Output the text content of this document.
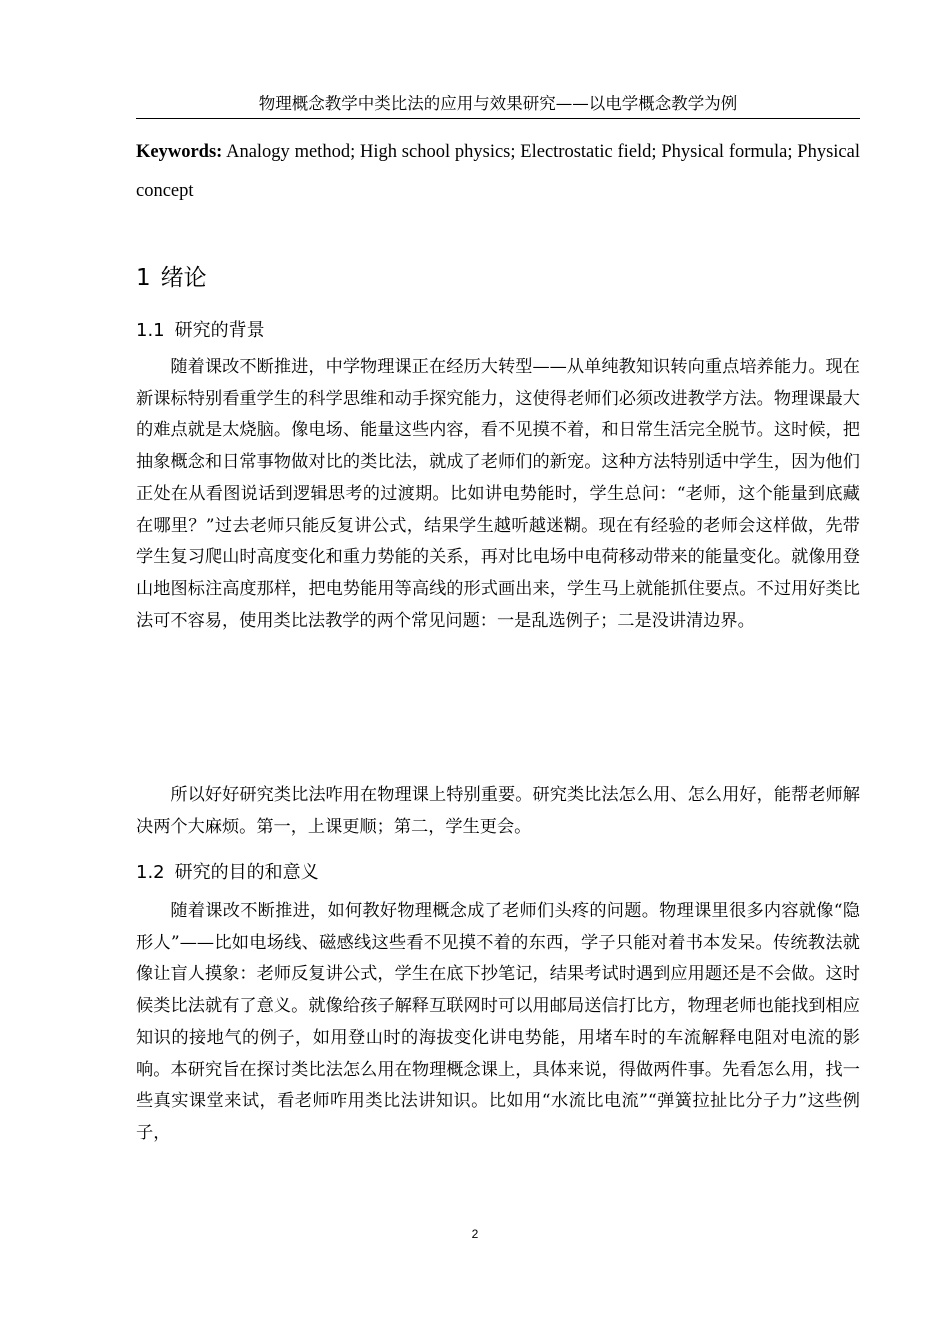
物理概念教学中类比法的应用与效果研究——以电学概念教学为例
Keywords: Analogy method; High school physics; Electrostatic field; Physical formula; Physical concept
1 绪论
1.1 研究的背景

随着课改不断推进，中学物理课正在经历大转型——从单纯教知识转向重点培养能力。现在新课标特别看重学生的科学思维和动手探究能力，这使得老师们必须改进教学方法。物理课最大的难点就是太烧脑。像电场、能量这些内容，看不见摸不着，和日常生活完全脱节。这时候，把抽象概念和日常事物做对比的类比法，就成了老师们的新宠。这种方法特别适中学生，因为他们正处在从看图说话到逻辑思考的过渡期。比如讲电势能时，学生总问：“老师，这个能量到底藏在哪里？”过去老师只能反复讲公式，结果学生越听越迷糊。现在有经验的老师会这样做，先带学生复习爬山时高度变化和重力势能的关系，再对比电场中电荷移动带来的能量变化。就像用登山地图标注高度那样，把电势能用等高线的形式画出来，学生马上就能抓住要点。不过用好类比法可不容易，使用类比法教学的两个常见问题：一是乱选例子；二是没讲清边界。

所以好好研究类比法咋用在物理课上特别重要。研究类比法怎么用、怎么用好，能帮老师解决两个大麻烦。第一，上课更顺；第二，学生更会。

1.2 研究的目的和意义

随着课改不断推进，如何教好物理概念成了老师们头疼的问题。物理课里很多内容就像“隐形人”——比如电场线、磁感线这些看不见摸不着的东西，学子只能对着书本发呆。传统教法就像让盲人摸象：老师反复讲公式，学生在底下抄笔记，结果考试时遇到应用题还是不会做。这时候类比法就有了意义。就像给孩子解释互联网时可以用邮局送信打比方，物理老师也能找到相应知识的接地气的例子，如用登山时的海拔变化讲电势能，用堵车时的车流解释电阻对电流的影响。本研究旨在探讨类比法怎么用在物理概念课上，具体来说，得做两件事。先看怎么用，找一些真实课堂来试，看老师咋用类比法讲知识。比如用“水流比电流”“弹簧拉扯比分子力”这些例子，

2
